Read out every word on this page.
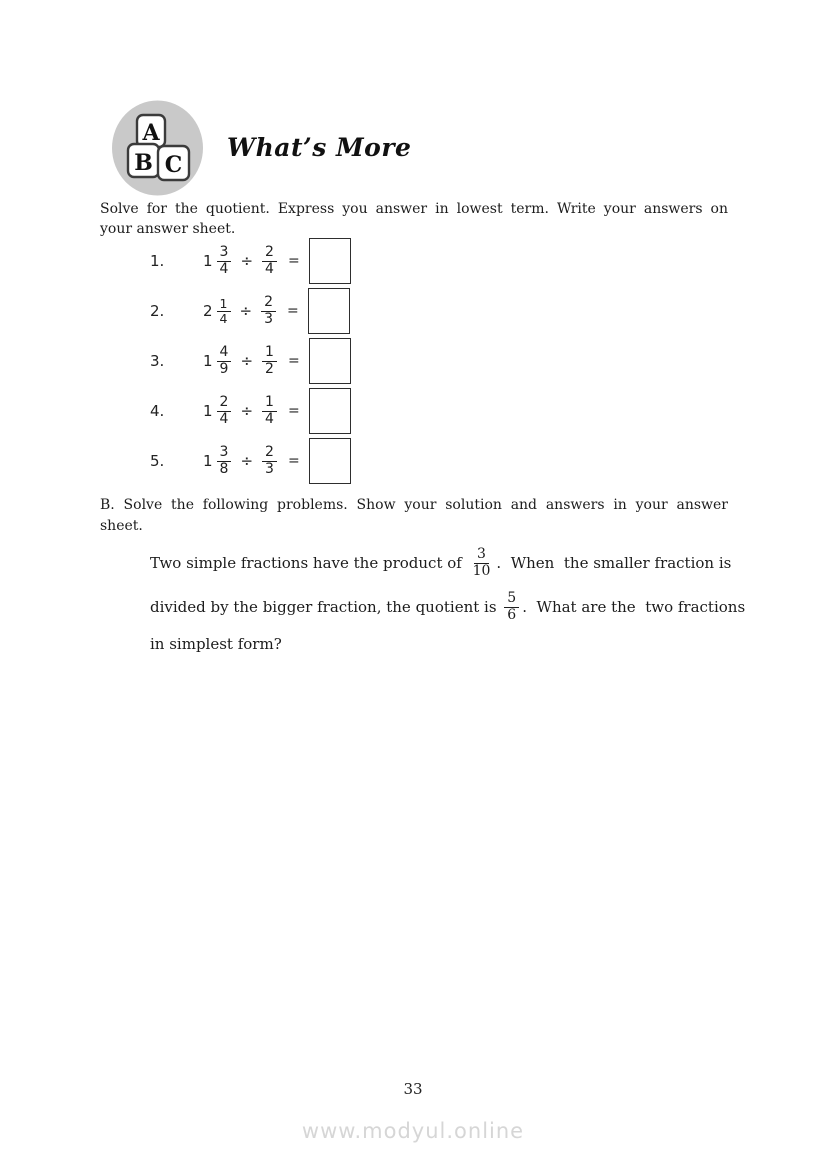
A
B C
What’s More
Solve for the quotient. Express you answer in lowest term. Write your answers on
your answer sheet.
1.	$1 \frac{3}{4} \div \frac{2}{4}$ =
2.	$2 \frac{1}{4} \div \frac{2}{3}$ =
3.	$1 \frac{4}{9} \div \frac{1}{2}$ =
4.	$1 \frac{2}{4} \div \frac{1}{4}$ =
5.	$1 \frac{3}{8} \div \frac{2}{3}$ =
B. Solve the following problems. Show your solution and answers in your answer
sheet.
Two simple fractions have the product of $\frac{3}{10}$ .  When  the smaller fraction is
divided by the bigger fraction, the quotient is $\frac{5}{6}$ .  What are the  two fractions
in simplest form?
33
www.modyul.online
